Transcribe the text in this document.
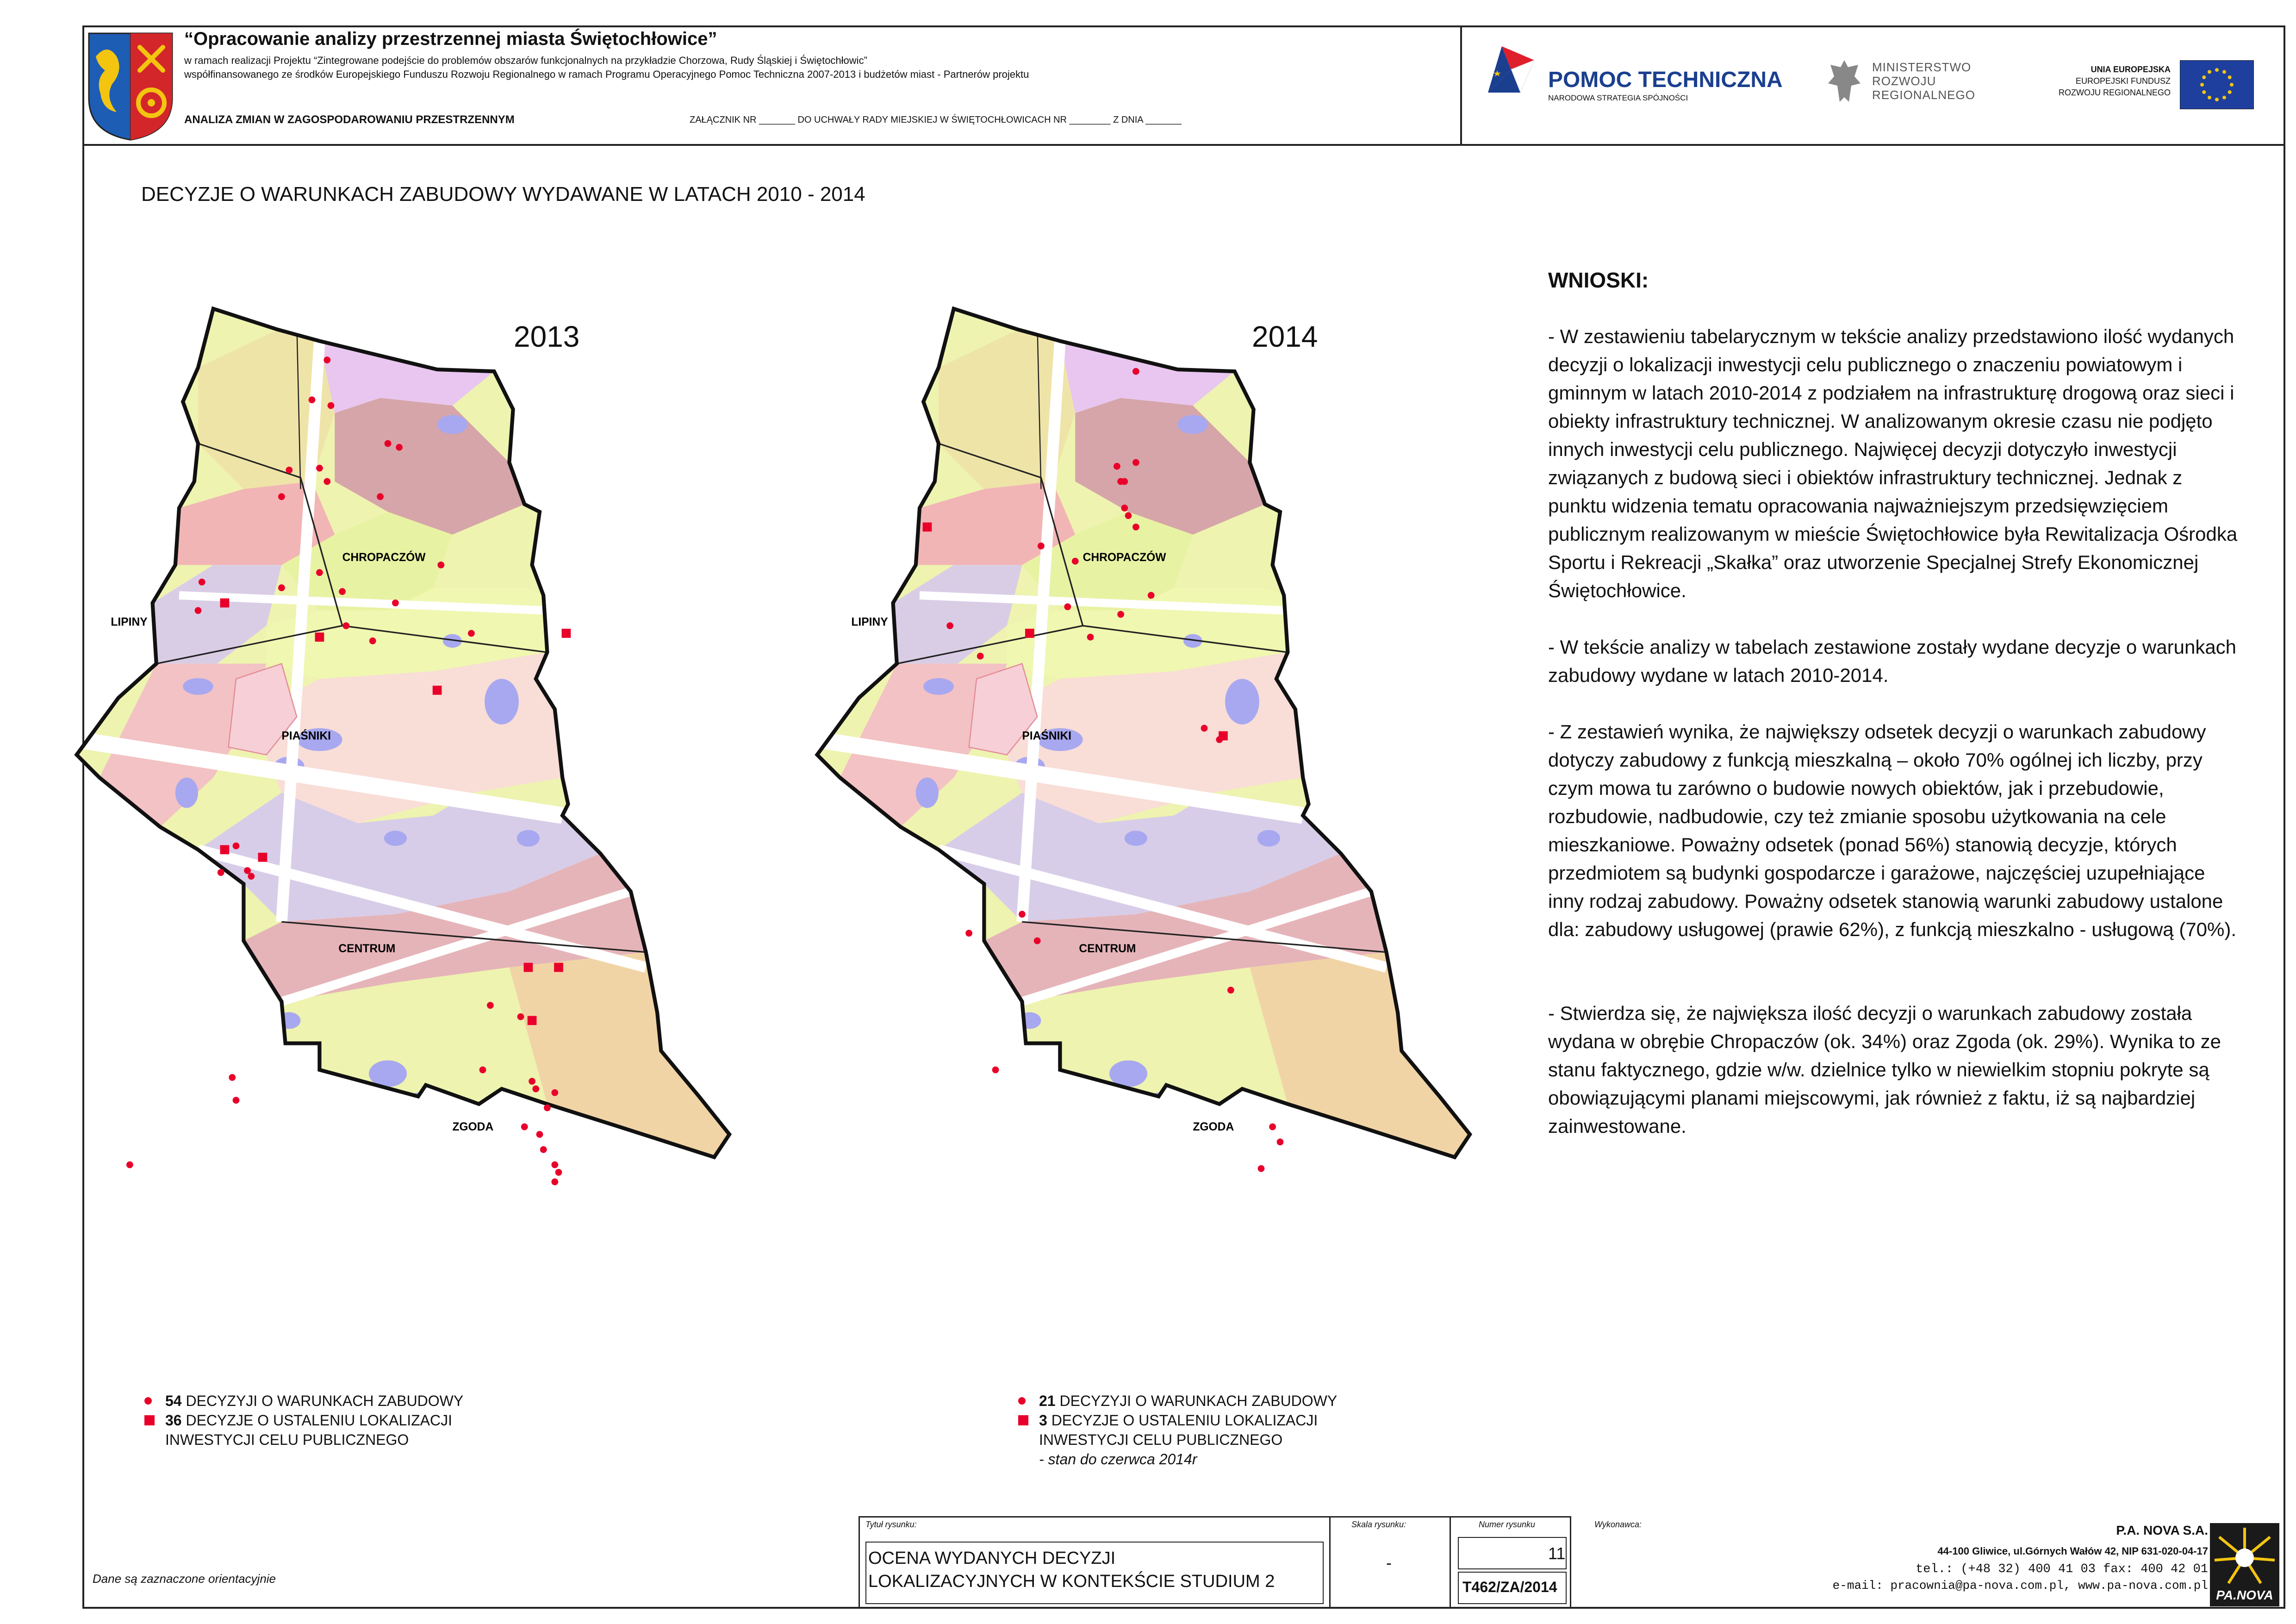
“Opracowanie analizy przestrzennej miasta Świętochłowice”
w ramach realizacji Projektu “Zintegrowane podejście do problemów obszarów funkcjonalnych na przykładzie Chorzowa, Rudy Śląskiej i Świętochłowic”
współfinansowanego ze środków Europejskiego Funduszu Rozwoju Regionalnego w ramach Programu Operacyjnego Pomoc Techniczna 2007-2013 i budżetów miast - Partnerów projektu
ANALIZA ZMIAN W ZAGOSPODAROWANIU PRZESTRZENNYM	ZAŁĄCZNIK NR _______ DO UCHWAŁY RADY MIEJSKIEJ W ŚWIĘTOCHŁOWICACH NR ________ Z DNIA _______
POMOC TECHNICZNA
NARODOWA STRATEGIA SPÓJNOŚCI
MINISTERSTWO
ROZWOJU
REGIONALNEGO
UNIA EUROPEJSKA
EUROPEJSKI FUNDUSZ
ROZWOJU REGIONALNEGO
DECYZJE O WARUNKACH ZABUDOWY WYDAWANE W LATACH 2010 - 2014
LIPINY
CHROPACZÓW
PIAŚNIKI
CENTRUM
ZGODA
2013
LIPINY
CHROPACZÓW
PIAŚNIKI
CENTRUM
ZGODA
2014
54 DECYZYJI O WARUNKACH ZABUDOWY
36 DECYZJE O USTALENIU LOKALIZACJI
INWESTYCJI CELU PUBLICZNEGO
21 DECYZYJI O WARUNKACH ZABUDOWY
3 DECYZJE O USTALENIU LOKALIZACJI
INWESTYCJI CELU PUBLICZNEGO
- stan do czerwca 2014r
WNIOSKI:

- W zestawieniu tabelarycznym w tekście analizy przedstawiono ilość wydanych decyzji o lokalizacji inwestycji celu publicznego o znaczeniu powiatowym i gminnym w latach 2010-2014 z podziałem na infrastrukturę drogową oraz sieci i obiekty infrastruktury technicznej. W analizowanym okresie czasu nie podjęto innych inwestycji celu publicznego. Najwięcej decyzji dotyczyło inwestycji związanych z budową sieci i obiektów infrastruktury technicznej. Jednak z punktu widzenia tematu opracowania najważniejszym przedsięwzięciem publicznym realizowanym w mieście Świętochłowice była Rewitalizacja Ośrodka Sportu i Rekreacji „Skałka” oraz utworzenie Specjalnej Strefy Ekonomicznej Świętochłowice.

- W tekście analizy w tabelach zestawione zostały wydane decyzje o warunkach zabudowy wydane w latach 2010-2014.

- Z zestawień wynika, że największy odsetek decyzji o warunkach zabudowy dotyczy zabudowy z funkcją mieszkalną – około 70% ogólnej ich liczby, przy czym mowa tu zarówno o budowie nowych obiektów, jak i przebudowie, rozbudowie, nadbudowie, czy też zmianie sposobu użytkowania na cele mieszkaniowe. Poważny odsetek (ponad 56%) stanowią decyzje, których przedmiotem są budynki gospodarcze i garażowe, najczęściej uzupełniające inny rodzaj zabudowy. Poważny odsetek stanowią warunki zabudowy ustalone dla: zabudowy usługowej (prawie 62%), z funkcją mieszkalno - usługową (70%).

- Stwierdza się, że największa ilość decyzji o warunkach zabudowy została wydana w obrębie Chropaczów (ok. 34%) oraz Zgoda (ok. 29%). Wynika to ze stanu faktycznego, gdzie w/w. dzielnice tylko w niewielkim stopniu pokryte są obowiązującymi planami miejscowymi, jak również z faktu, iż są najbardziej zainwestowane.

Dane są zaznaczone orientacyjnie
Tytuł rysunku:
OCENA WYDANYCH DECYZJI
LOKALIZACYJNYCH W KONTEKŚCIE STUDIUM 2
Skala rysunku:
-
Numer rysunku
11
T462/ZA/2014
Wykonawca:	P.A. NOVA S.A.
44-100 Gliwice, ul.Górnych Wałów 42, NIP 631-020-04-17
tel.: (+48 32) 400 41 03 fax: 400 42 01
e-mail: pracownia@pa-nova.com.pl, www.pa-nova.com.pl
PA.NOVA
